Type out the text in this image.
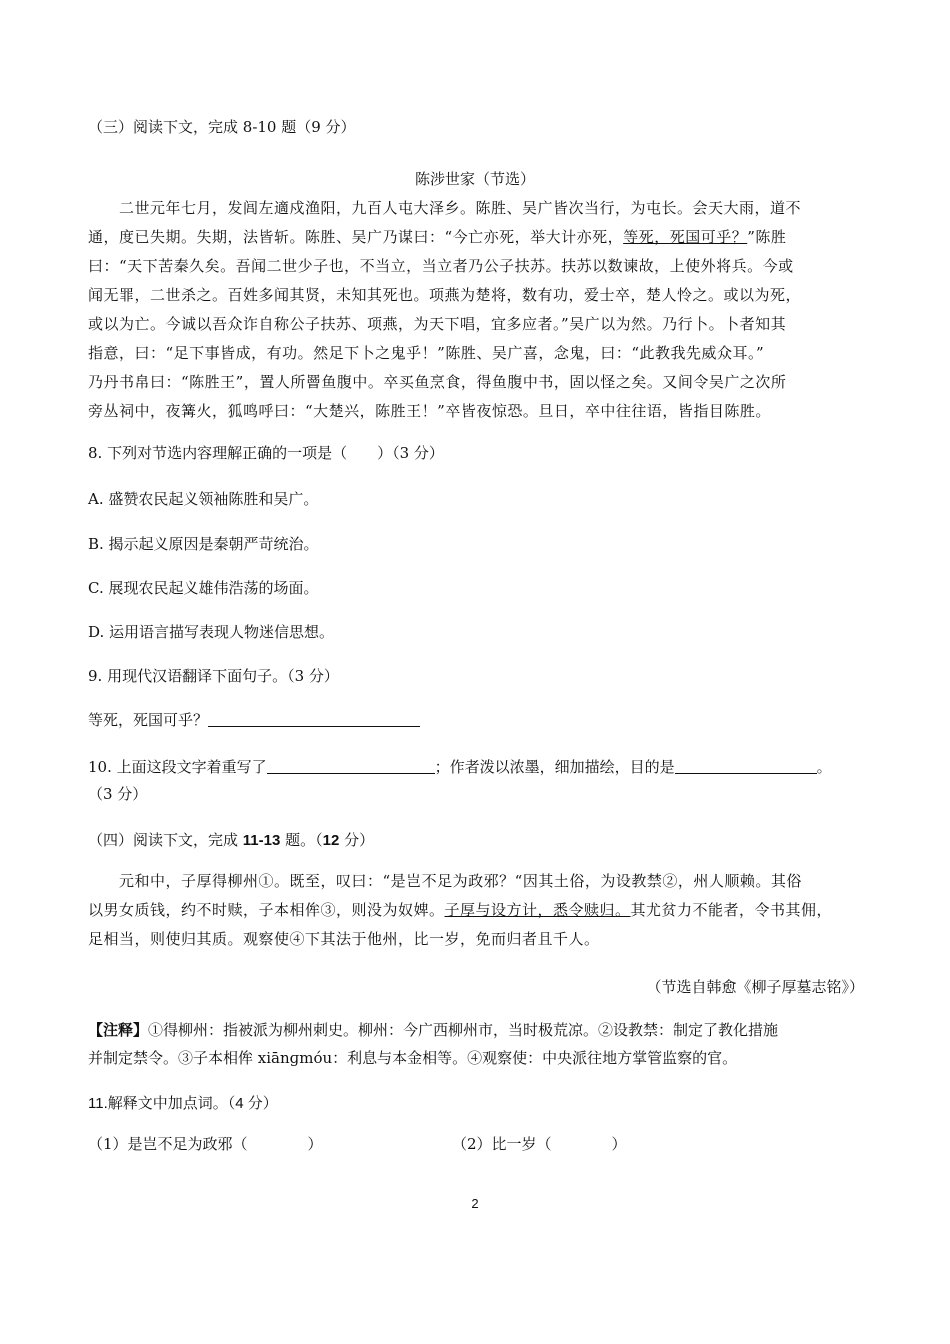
（三）阅读下文，完成 8-10 题（9 分）
陈涉世家（节选）
　　二世元年七月，发闾左適戍渔阳，九百人屯大泽乡。陈胜、吴广皆次当行，为屯长。会天大雨，道不
通，度已失期。失期，法皆斩。陈胜、吴广乃谋曰：“今亡亦死，举大计亦死，等死，死国可乎？”陈胜
曰：“天下苦秦久矣。吾闻二世少子也，不当立，当立者乃公子扶苏。扶苏以数谏故，上使外将兵。今或
闻无罪，二世杀之。百姓多闻其贤，未知其死也。项燕为楚将，数有功，爱士卒，楚人怜之。或以为死，
或以为亡。今诚以吾众诈自称公子扶苏、项燕，为天下唱，宜多应者。”吴广以为然。乃行卜。卜者知其
指意，曰：“足下事皆成，有功。然足下卜之鬼乎！”陈胜、吴广喜，念鬼，曰：“此教我先威众耳。”
乃丹书帛曰：“陈胜王”，置人所罾鱼腹中。卒买鱼烹食，得鱼腹中书，固以怪之矣。又间令吴广之次所
旁丛祠中，夜篝火，狐鸣呼曰：“大楚兴，陈胜王！”卒皆夜惊恐。旦日，卒中往往语，皆指目陈胜。
8. 下列对节选内容理解正确的一项是（　　）（3 分）
A. 盛赞农民起义领袖陈胜和吴广。
B. 揭示起义原因是秦朝严苛统治。
C. 展现农民起义雄伟浩荡的场面。
D. 运用语言描写表现人物迷信思想。
9. 用现代汉语翻译下面句子。（3 分）
等死，死国可乎？
10. 上面这段文字着重写了	；作者泼以浓墨，细加描绘，目的是	。
（3 分）
（四）阅读下文，完成 11-13 题。（12 分）
　　元和中，子厚得柳州①。既至，叹曰：“是岂不足为政邪？“因其土俗，为设教禁②，州人顺赖。其俗
以男女质钱，约不时赎，子本相侔③，则没为奴婢。子厚与设方计，悉令赎归。其尤贫力不能者，令书其佣，
足相当，则使归其质。观察使④下其法于他州，比一岁，免而归者且千人。
（节选自韩愈《柳子厚墓志铭》）
【注释】①得柳州：指被派为柳州刺史。柳州：今广西柳州市，当时极荒凉。②设教禁：制定了教化措施
并制定禁令。③子本相侔 xiānɡmóu：利息与本金相等。④观察使：中央派往地方掌管监察的官。
11.解释文中加点词。（4 分）
（1）是岂不足为政邪（　　　　）	（2）比一岁（　　　　）
2
